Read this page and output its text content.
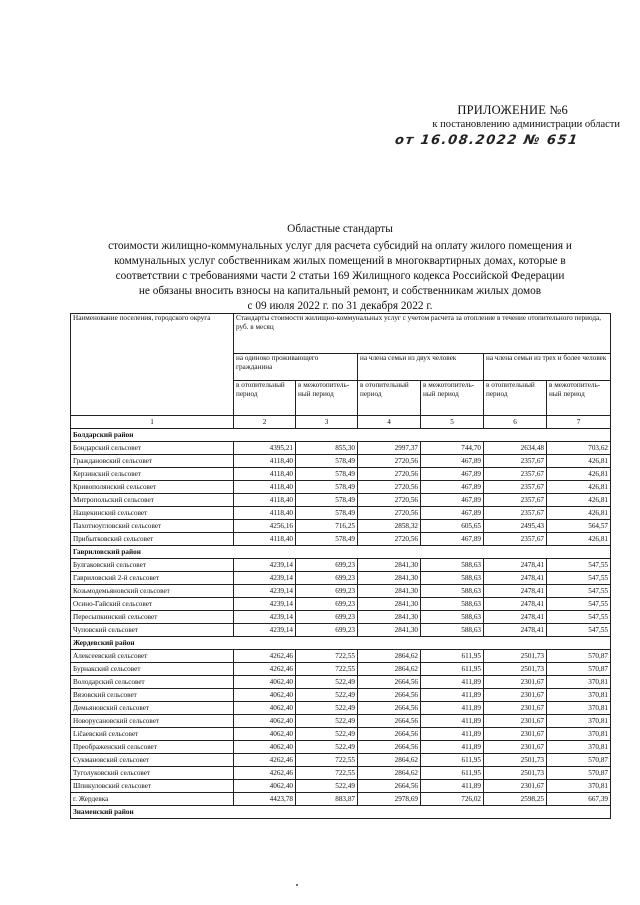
ПРИЛОЖЕНИЕ №6
к постановлению администрации области
от 16.08.2022 № 651
Областные стандарты
стоимости жилищно-коммунальных услуг для расчета субсидий на оплату жилого помещения и
коммунальных услуг собственникам жилых помещений в многоквартирных домах, которые в
соответствии с требованиями части 2 статьи 169 Жилищного кодекса Российской Федерации
не обязаны вносить взносы на капитальный ремонт, и собственникам жилых домов
с 09 июля 2022 г. по 31 декабря 2022 г.
Наименование поселения, городского округа	Стандарты стоимости жилищно-коммунальных услуг с учетом расчета за отопление в течение отопительного периода, руб. в месяц					
	на одиноко проживающего гражданина		на члена семьи из двух человек		на члена семьи из трех и более человек	
	в отопительный период	в межотопитель-ный период	в отопительный период	в межотопитель-ный период	в отопительный период	в межотопитель-ный период
1	2	3	4	5	6	7
Болдарский район						
Бондарский сельсовет	4395,21	855,30	2997,37	744,70	2634,48	703,62
Граждановский сельсовет	4118,40	578,49	2720,56	467,89	2357,67	426,81
Керзинский сельсовет	4118,40	578,49	2720,56	467,89	2357,67	426,81
Кривополянский сельсовет	4118,40	578,49	2720,56	467,89	2357,67	426,81
Митропольский сельсовет	4118,40	578,49	2720,56	467,89	2357,67	426,81
Нащекинский сельсовет	4118,40	578,49	2720,56	467,89	2357,67	426,81
Пахотноугловский сельсовет	4256,16	716,25	2858,32	605,65	2495,43	564,57
Прибытковский сельсовет	4118,40	578,49	2720,56	467,89	2357,67	426,81
Гавриловский район						
Булгаковский сельсовет	4239,14	699,23	2841,30	588,63	2478,41	547,55
Гавриловский 2-й сельсовет	4239,14	699,23	2841,30	588,63	2478,41	547,55
Козьмодемьяновский сельсовет	4239,14	699,23	2841,30	588,63	2478,41	547,55
Осино-Гайский сельсовет	4239,14	699,23	2841,30	588,63	2478,41	547,55
Пересыпкинский сельсовет	4239,14	699,23	2841,30	588,63	2478,41	547,55
Чуповский сельсовет	4239,14	699,23	2841,30	588,63	2478,41	547,55
Жердевский район						
Алексеевский сельсовет	4262,46	722,55	2864,62	611,95	2501,73	570,87
Бурнакский сельсовет	4262,46	722,55	2864,62	611,95	2501,73	570,87
Володарский сельсовет	4062,40	522,49	2664,56	411,89	2301,67	370,81
Вязовский сельсовет	4062,40	522,49	2664,56	411,89	2301,67	370,81
Демьяновский сельсовет	4062,40	522,49	2664,56	411,89	2301,67	370,81
Новорусановский сельсовет	4062,40	522,49	2664,56	411,89	2301,67	370,81
Ličaевский сельсовет	4062,40	522,49	2664,56	411,89	2301,67	370,81
Преображенский сельсовет	4062,40	522,49	2664,56	411,89	2301,67	370,81
Сукмановский сельсовет	4262,46	722,55	2864,62	611,95	2501,73	570,87
Туголуковский сельсовет	4262,46	722,55	2864,62	611,95	2501,73	570,87
Шпикуловский сельсовет	4062,40	522,49	2664,56	411,89	2301,67	370,81
г. Жердевка	4423,78	883,87	2978,69	726,02	2598,25	667,39
Знаменский район						
